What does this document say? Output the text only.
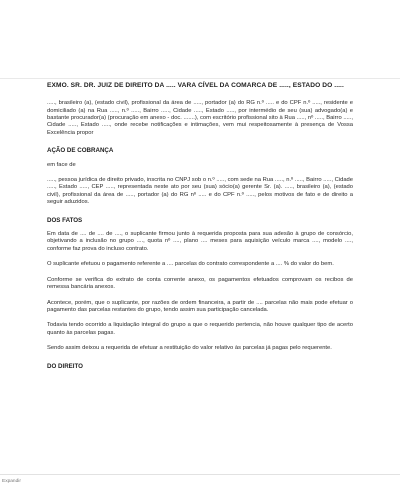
EXMO. SR. DR. JUIZ DE DIREITO DA ..... VARA CÍVEL DA COMARCA DE ....., ESTADO DO .....

....., brasileiro (a), (estado civil), profissional da área de ....., portador (a) do RG n.º ..... e do CPF n.º ....., residente e domiciliado (a) na Rua ....., n.º ....., Bairro ....., Cidade ....., Estado ....., por intermédio de seu (sua) advogado(a) e bastante procurador(a) (procuração em anexo - doc. .......), com escritório profissional sito à Rua ....., nº ....., Bairro ....., Cidade ....., Estado ....., onde recebe notificações e intimações, vem mui respeitosamente à presença de Vossa Excelência propor

AÇÃO DE COBRANÇA

em face de

....., pessoa jurídica de direito privado, inscrita no CNPJ sob o n.º ....., com sede na Rua ....., n.º ....., Bairro ....., Cidade ....., Estado ....., CEP ....., representada neste ato por seu (sua) sócio(a) gerente Sr. (a). ....., brasileiro (a), (estado civil), profissional da área de ....., portador (a) do RG nº ..... e do CPF n.º ....., pelos motivos de fato e de direito a seguir aduzidos.

DOS FATOS

Em data de .... de .... de ...., o suplicante firmou junto à requerida proposta para sua adesão à grupo de consórcio, objetivando a inclusão no grupo ...., quota nº ...., plano .... meses para aquisição veículo marca ...., modelo ...., conforme faz prova do incluso contrato.

O suplicante efetuou o pagamento referente a .... parcelas do contrato correspondente a .... % do valor do bem.

Conforme se verifica do extrato de conta corrente anexo, os pagamentos efetuados comprovam os recibos de remessa bancária anexos.

Acontece, porém, que o suplicante, por razões de ordem financeira, a partir de .... parcelas não mais pode efetuar o pagamento das parcelas restantes do grupo, tendo assim sua participação cancelada.

Todavia tendo ocorrido a liquidação integral do grupo a que o requerido pertencia, não houve qualquer tipo de acerto quanto às parcelas pagas.

Sendo assim deixou a requerida de efetuar a restituição do valor relativo às parcelas já pagas pelo requerente.

DO DIREITO
Expandir
